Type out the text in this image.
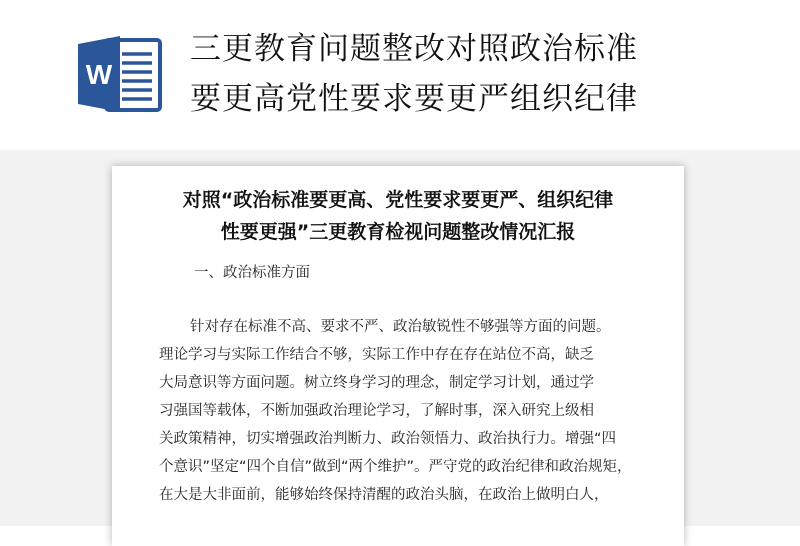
W
三更教育问题整改对照政治标准
要更高党性要求要更严组织纪律
对照“政治标准要更高、党性要求要更严、组织纪律
性要更强”三更教育检视问题整改情况汇报
一、政治标准方面
针对存在标准不高、要求不严、政治敏锐性不够强等方面的问题。
理论学习与实际工作结合不够，实际工作中存在存在站位不高，缺乏
大局意识等方面问题。树立终身学习的理念，制定学习计划，通过学
习强国等载体，不断加强政治理论学习，了解时事，深入研究上级相
关政策精神，切实增强政治判断力、政治领悟力、政治执行力。增强“四
个意识”坚定“四个自信”做到“两个维护”。严守党的政治纪律和政治规矩，
在大是大非面前，能够始终保持清醒的政治头脑，在政治上做明白人，
